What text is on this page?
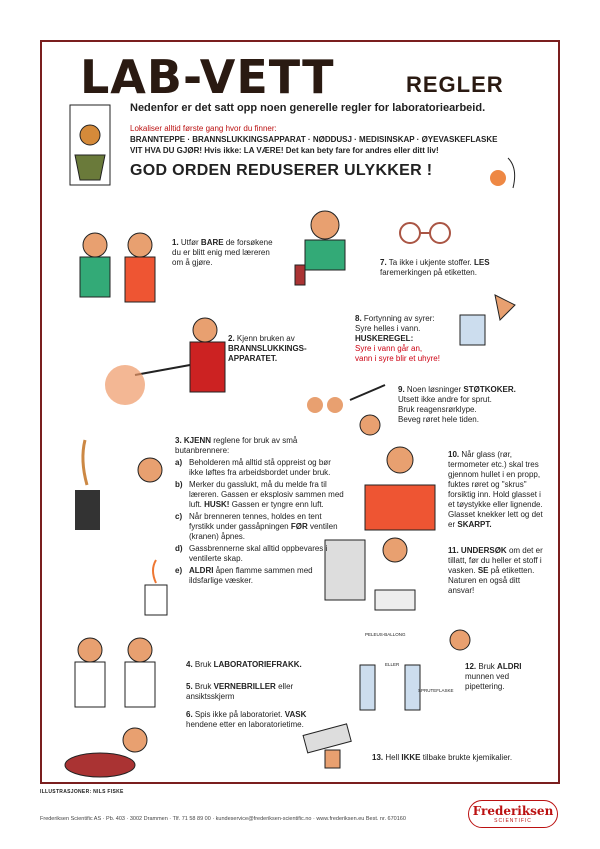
LAB-VETT	REGLER
Nedenfor er det satt opp noen generelle regler for laboratoriearbeid.
Lokaliser alltid første gang hvor du finner:
BRANNTEPPE · BRANNSLUKKINGSAPPARAT · NØDDUSJ · MEDISINSKAP · ØYEVASKEFLASKE
VIT HVA DU GJØR! Hvis ikke: LA VÆRE! Det kan bety fare for andres eller ditt liv!
GOD ORDEN REDUSERER ULYKKER !
PELEUS-BALLONG
ELLER
SPRUTEFLASKE
1. Utfør BARE de forsøkene du er blitt enig med læreren om å gjøre.
2. Kjenn bruken av BRANNSLUKKINGS-APPARATET.
3. KJENN reglene for bruk av små butanbrennere:
a) Beholderen må alltid stå oppreist og bør ikke løftes fra arbeidsbordet under bruk.
b) Merker du gasslukt, må du melde fra til læreren. Gassen er eksplosiv sammen med luft. HUSK! Gassen er tyngre enn luft.
c) Når brenneren tennes, holdes en tent fyrstikk under gassåpningen FØR ventilen (kranen) åpnes.
d) Gassbrennerne skal alltid oppbevares i ventilerte skap.
e) ALDRI åpen flamme sammen med ildsfarlige væsker.
4. Bruk LABORATORIEFRAKK.
5. Bruk VERNEBRILLER eller ansiktsskjerm
6. Spis ikke på laboratoriet. VASK hendene etter en laboratorietime.
7. Ta ikke i ukjente stoffer. LES faremerkingen på etiketten.
8. Fortynning av syrer:
Syre helles i vann.
HUSKEREGEL:
Syre i vann går an,
vann i syre blir et uhyre!
9. Noen løsninger STØTKOKER.
Utsett ikke andre for sprut.
Bruk reagensrørklype.
Beveg røret hele tiden.
10. Når glass (rør, termometer etc.) skal tres gjennom hullet i en propp, fuktes røret og "skrus" forsiktig inn. Hold glasset i et tøystykke eller lignende. Glasset knekker lett og det er SKARPT.
11. UNDERSØK om det er tillatt, før du heller et stoff i vasken. SE på etiketten. Naturen en også ditt ansvar!
12. Bruk ALDRI munnen ved pipettering.
13. Hell IKKE tilbake brukte kjemikalier.
ILLUSTRASJONER: NILS FISKE
Frederiksen Scientific AS · Pb. 403 · 3002 Drammen · Tlf. 71 58 89 00 · kundeservice@frederiksen-scientific.no · www.frederiksen.eu Best. nr. 670160
Frederiksen
SCIENTIFIC
